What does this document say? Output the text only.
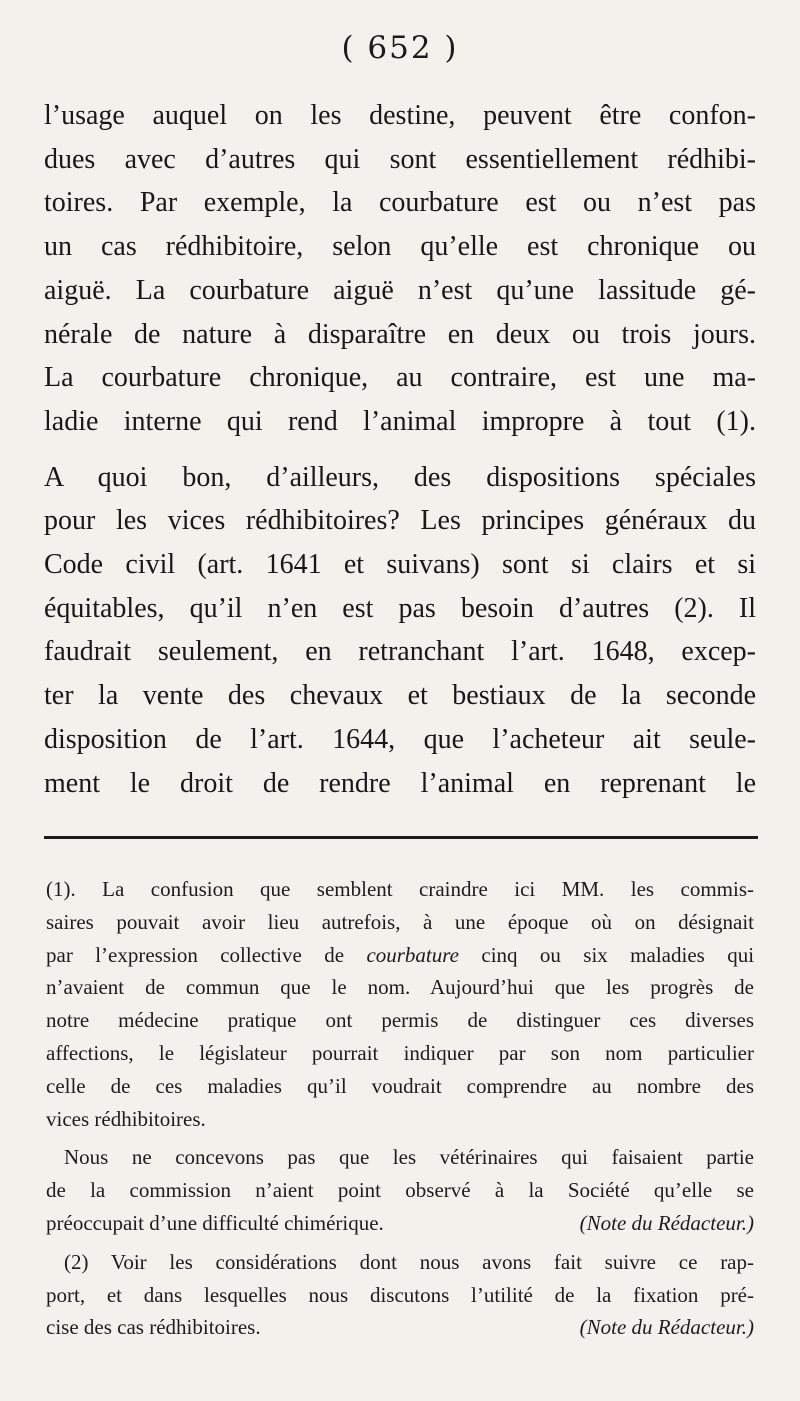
( 652 )
l’usage auquel on les destine, peuvent être confon-
dues avec d’autres qui sont essentiellement rédhibi-
toires. Par exemple, la courbature est ou n’est pas
un cas rédhibitoire, selon qu’elle est chronique ou
aiguë. La courbature aiguë n’est qu’une lassitude gé-
nérale de nature à disparaître en deux ou trois jours.
La courbature chronique, au contraire, est une ma-
ladie interne qui rend l’animal impropre à tout (1).
A quoi bon, d’ailleurs, des dispositions spéciales
pour les vices rédhibitoires? Les principes généraux du
Code civil (art. 1641 et suivans) sont si clairs et si
équitables, qu’il n’en est pas besoin d’autres (2). Il
faudrait seulement, en retranchant l’art. 1648, excep-
ter la vente des chevaux et bestiaux de la seconde
disposition de l’art. 1644, que l’acheteur ait seule-
ment le droit de rendre l’animal en reprenant le
(1). La confusion que semblent craindre ici MM. les commis-
saires pouvait avoir lieu autrefois, à une époque où on désignait
par l’expression collective de courbature cinq ou six maladies qui
n’avaient de commun que le nom. Aujourd’hui que les progrès de
notre médecine pratique ont permis de distinguer ces diverses
affections, le législateur pourrait indiquer par son nom particulier
celle de ces maladies qu’il voudrait comprendre au nombre des
vices rédhibitoires.
Nous ne concevons pas que les vétérinaires qui faisaient partie
de la commission n’aient point observé à la Société qu’elle se
préoccupait d’une difficulté chimérique.	(Note du Rédacteur.)
(2) Voir les considérations dont nous avons fait suivre ce rap-
port, et dans lesquelles nous discutons l’utilité de la fixation pré-
cise des cas rédhibitoires.	(Note du Rédacteur.)
